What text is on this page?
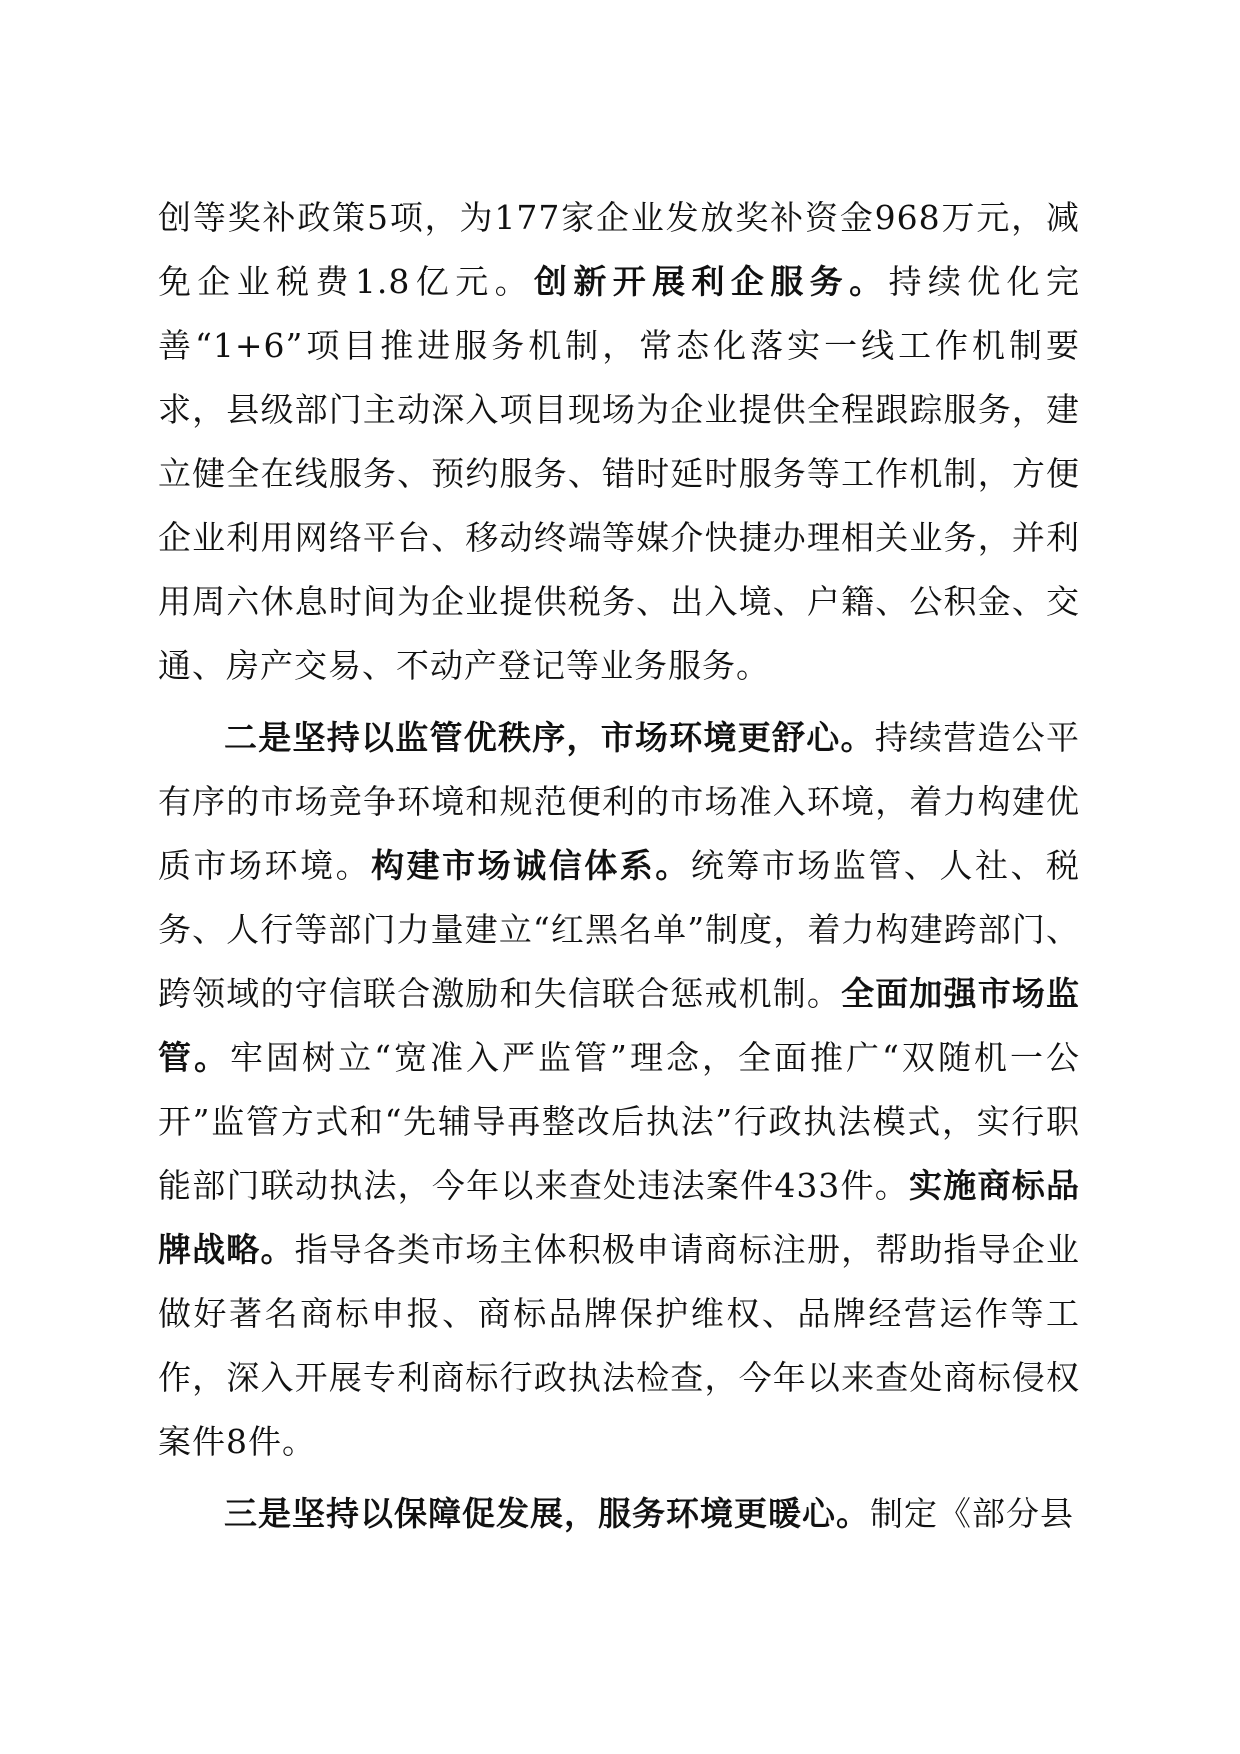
创等奖补政策5项，为177家企业发放奖补资金968万元，减免企业税费1.8亿元。创新开展利企服务。持续优化完善“1+6”项目推进服务机制，常态化落实一线工作机制要求，县级部门主动深入项目现场为企业提供全程跟踪服务，建立健全在线服务、预约服务、错时延时服务等工作机制，方便企业利用网络平台、移动终端等媒介快捷办理相关业务，并利用周六休息时间为企业提供税务、出入境、户籍、公积金、交通、房产交易、不动产登记等业务服务。

二是坚持以监管优秩序，市场环境更舒心。持续营造公平有序的市场竞争环境和规范便利的市场准入环境，着力构建优质市场环境。构建市场诚信体系。统筹市场监管、人社、税务、人行等部门力量建立“红黑名单”制度，着力构建跨部门、跨领域的守信联合激励和失信联合惩戒机制。全面加强市场监管。牢固树立“宽准入严监管”理念，全面推广“双随机一公开”监管方式和“先辅导再整改后执法”行政执法模式，实行职能部门联动执法，今年以来查处违法案件433件。实施商标品牌战略。指导各类市场主体积极申请商标注册，帮助指导企业做好著名商标申报、商标品牌保护维权、品牌经营运作等工作，深入开展专利商标行政执法检查，今年以来查处商标侵权案件8件。

三是坚持以保障促发展，服务环境更暖心。制定《部分县
